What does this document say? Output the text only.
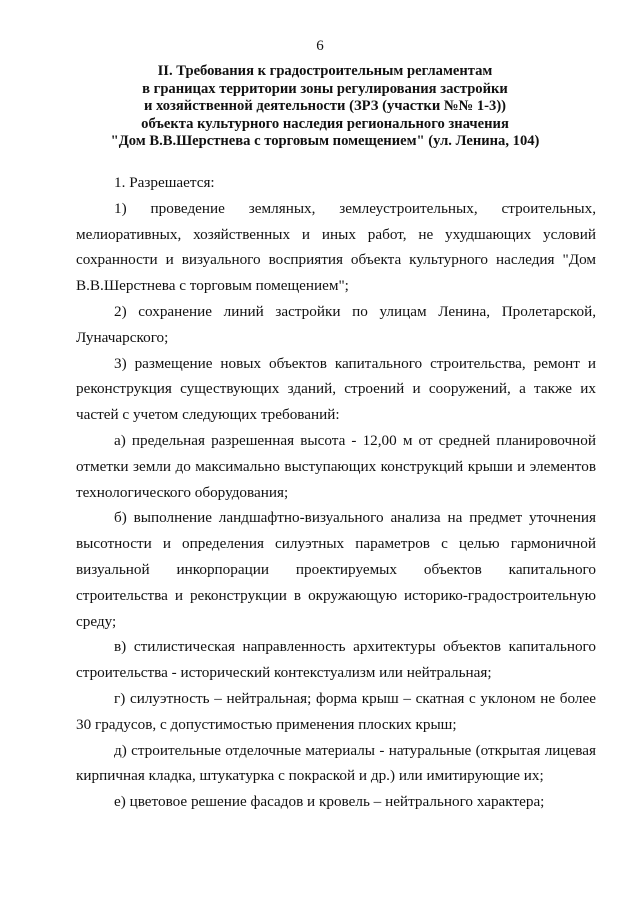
6
II. Требования к градостроительным регламентам
в границах территории зоны регулирования застройки
и хозяйственной деятельности (ЗРЗ (участки №№ 1-3))
объекта культурного наследия регионального значения
"Дом В.В.Шерстнева с торговым помещением" (ул. Ленина, 104)

1. Разрешается:

1) проведение земляных, землеустроительных, строительных, мелиоративных, хозяйственных и иных работ, не ухудшающих условий сохранности и визуального восприятия объекта культурного наследия "Дом В.В.Шерстнева с торговым помещением";

2) сохранение линий застройки по улицам Ленина, Пролетарской, Луначарского;

3) размещение новых объектов капитального строительства, ремонт и реконструкция существующих зданий, строений и сооружений, а также их частей с учетом следующих требований:

а) предельная разрешенная высота - 12,00 м от средней планировочной отметки земли до максимально выступающих конструкций крыши и элементов технологического оборудования;

б) выполнение ландшафтно-визуального анализа на предмет уточнения высотности и определения силуэтных параметров с целью гармоничной визуальной инкорпорации проектируемых объектов капитального строительства и реконструкции в окружающую историко-градостроительную среду;

в) стилистическая направленность архитектуры объектов капитального строительства - исторический контекстуализм или нейтральная;

г) силуэтность – нейтральная; форма крыш – скатная с уклоном не более 30 градусов, с допустимостью применения плоских крыш;

д) строительные отделочные материалы - натуральные (открытая лицевая кирпичная кладка, штукатурка с покраской и др.) или имитирующие их;

е) цветовое решение фасадов и кровель – нейтрального характера;
